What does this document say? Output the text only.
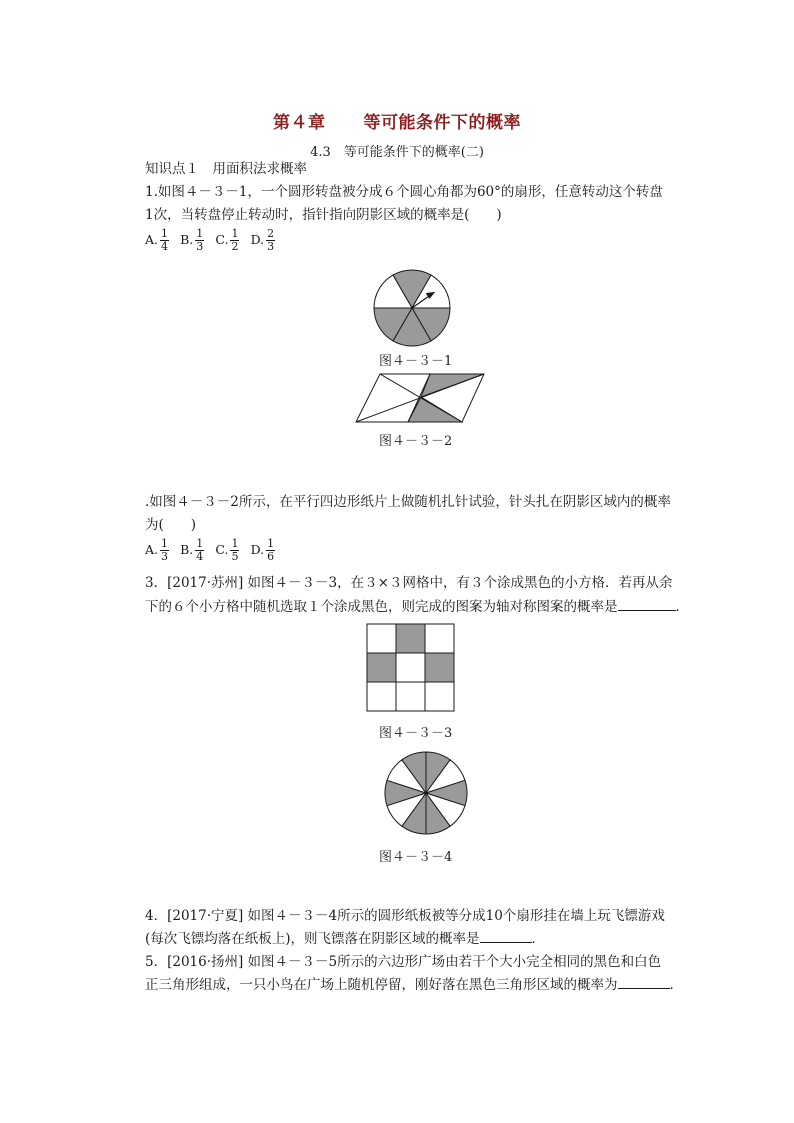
第４章 等可能条件下的概率
4.3　等可能条件下的概率(二)
知识点１　用面积法求概率
1.如图４－３－1，一个圆形转盘被分成６个圆心角都为60°的扇形，任意转动这个转盘
1次，当转盘停止转动时，指针指向阴影区域的概率是(　　)
A. $\frac{1}{4} B$. $\frac{1}{3} C$. $\frac{1}{2} D$. $\frac{2}{3}$
图４－３－1
图４－３－2
.如图４－３－2所示，在平行四边形纸片上做随机扎针试验，针头扎在阴影区域内的概率
为(　　)
A. $\frac{1}{3} B$. $\frac{1}{4} C$. $\frac{1}{5} D$. $\frac{1}{6}$
3．[2017·苏州] 如图４－３－3，在３×３网格中，有３个涂成黑色的小方格．若再从余
下的６个小方格中随机选取１个涂成黑色，则完成的图案为轴对称图案的概率是	．
图４－３－3
图４－３－4
4．[2017·宁夏] 如图４－３－4所示的圆形纸板被等分成10个扇形挂在墙上玩飞镖游戏
(每次飞镖均落在纸板上)，则飞镖落在阴影区域的概率是	．
5．[2016·扬州] 如图４－３－5所示的六边形广场由若干个大小完全相同的黑色和白色
正三角形组成，一只小鸟在广场上随机停留，刚好落在黑色三角形区域的概率为	．
